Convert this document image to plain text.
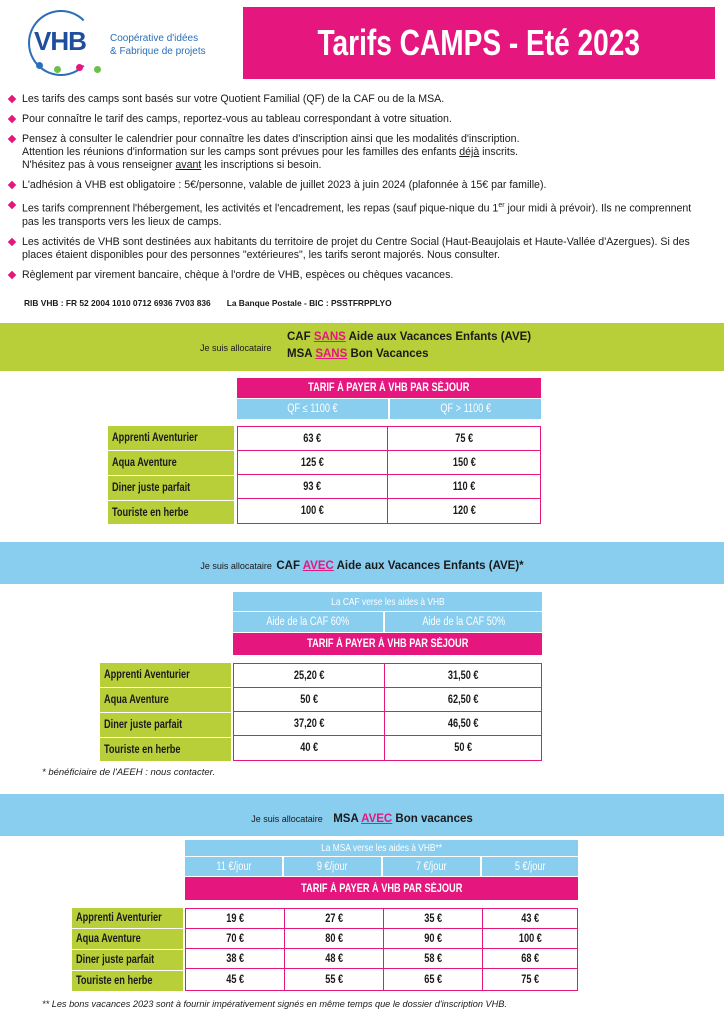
VHB Coopérative d'idées
& Fabrique de projets	Tarifs CAMPS - Eté 2023
Les tarifs des camps sont basés sur votre Quotient Familial (QF) de la CAF ou de la MSA.
Pour connaître le tarif des camps, reportez-vous au tableau correspondant à votre situation.
Pensez à consulter le calendrier pour connaître les dates d'inscription ainsi que les modalités d'inscription.
Attention les réunions d'information sur les camps sont prévues pour les familles des enfants déjà inscrits.
N'hésitez pas à vous renseigner avant les inscriptions si besoin.
L'adhésion à VHB est obligatoire : 5€/personne, valable de juillet 2023 à juin 2024 (plafonnée à 15€ par famille).
Les tarifs comprennent l'hébergement, les activités et l'encadrement, les repas (sauf pique-nique du 1er jour midi à prévoir). Ils ne comprennent pas les transports vers les lieux de camps.
Les activités de VHB sont destinées aux habitants du territoire de projet du Centre Social (Haut-Beaujolais et Haute-Vallée d'Azergues). Si des places étaient disponibles pour des personnes "extérieures", les tarifs seront majorés. Nous consulter.
Règlement par virement bancaire, chèque à l'ordre de VHB, espèces ou chèques vacances.
RIB VHB : FR 52 2004 1010 0712 6936 7V03 836 La Banque Postale - BIC : PSSTFRPPLYO
Je suis allocataire
CAF SANS Aide aux Vacances Enfants (AVE)
MSA SANS Bon Vacances
TARIF À PAYER À VHB PAR SÉJOUR
QF ≤ 1100 €	QF > 1100 €
Apprenti Aventurier	63 €	75 €
Aqua Aventure	125 €	150 €
Diner juste parfait	93 €	110 €
Touriste en herbe	100 €	120 €
Je suis allocataire CAF AVEC Aide aux Vacances Enfants (AVE)*
La CAF verse les aides à VHB
Aide de la CAF 60%	Aide de la CAF 50%
TARIF À PAYER À VHB PAR SÉJOUR
Apprenti Aventurier	25,20 €	31,50 €
Aqua Aventure	50 €	62,50 €
Diner juste parfait	37,20 €	46,50 €
Touriste en herbe	40 €	50 €
* bénéficiaire de l'AEEH : nous contacter.
Je suis allocataire MSA AVEC Bon vacances
La MSA verse les aides à VHB**
11 €/jour	9 €/jour	7 €/jour	5 €/jour
TARIF À PAYER À VHB PAR SÉJOUR
Apprenti Aventurier	19 €	27 €	35 €	43 €
Aqua Aventure	70 €	80 €	90 €	100 €
Diner juste parfait	38 €	48 €	58 €	68 €
Touriste en herbe	45 €	55 €	65 €	75 €
** Les bons vacances 2023 sont à fournir impérativement signés en même temps que le dossier d'inscription VHB.
